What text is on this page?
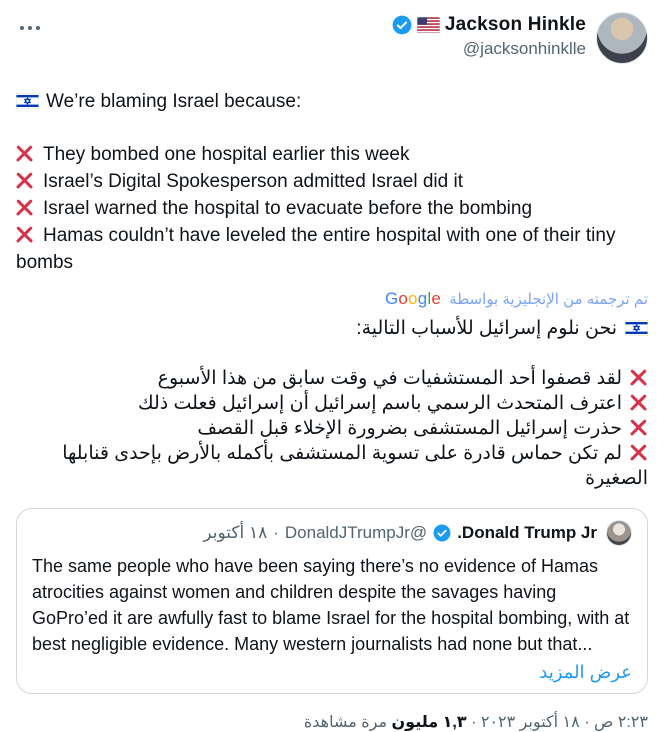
Jackson Hinkle
@jacksonhinklle
We’re blaming Israel because:
They bombed one hospital earlier this week
Israel’s Digital Spokesperson admitted Israel did it
Israel warned the hospital to evacuate before the bombing
Hamas couldn’t have leveled the entire hospital with one of their tiny bombs
تم ترجمته من الإنجليزية بواسطة Google
نحن نلوم إسرائيل للأسباب التالية:
لقد قصفوا أحد المستشفيات في وقت سابق من هذا الأسبوع
اعترف المتحدث الرسمي باسم إسرائيل أن إسرائيل فعلت ذلك
حذرت إسرائيل المستشفى بضرورة الإخلاء قبل القصف
لم تكن حماس قادرة على تسوية المستشفى بأكمله بالأرض بإحدى قنابلها الصغيرة
Donald Trump Jr.
@DonaldJTrumpJr
·
١٨ أكتوبر
The same people who have been saying there’s no evidence of Hamas atrocities against women and children despite the savages having GoPro’ed it are awfully fast to blame Israel for the hospital bombing, with at best negligible evidence. Many western journalists had none but that...
عرض المزيد
٢:٢٣ ص · ١٨ أكتوبر ٢٠٢٣ · ١,٣ مليون مرة مشاهدة
